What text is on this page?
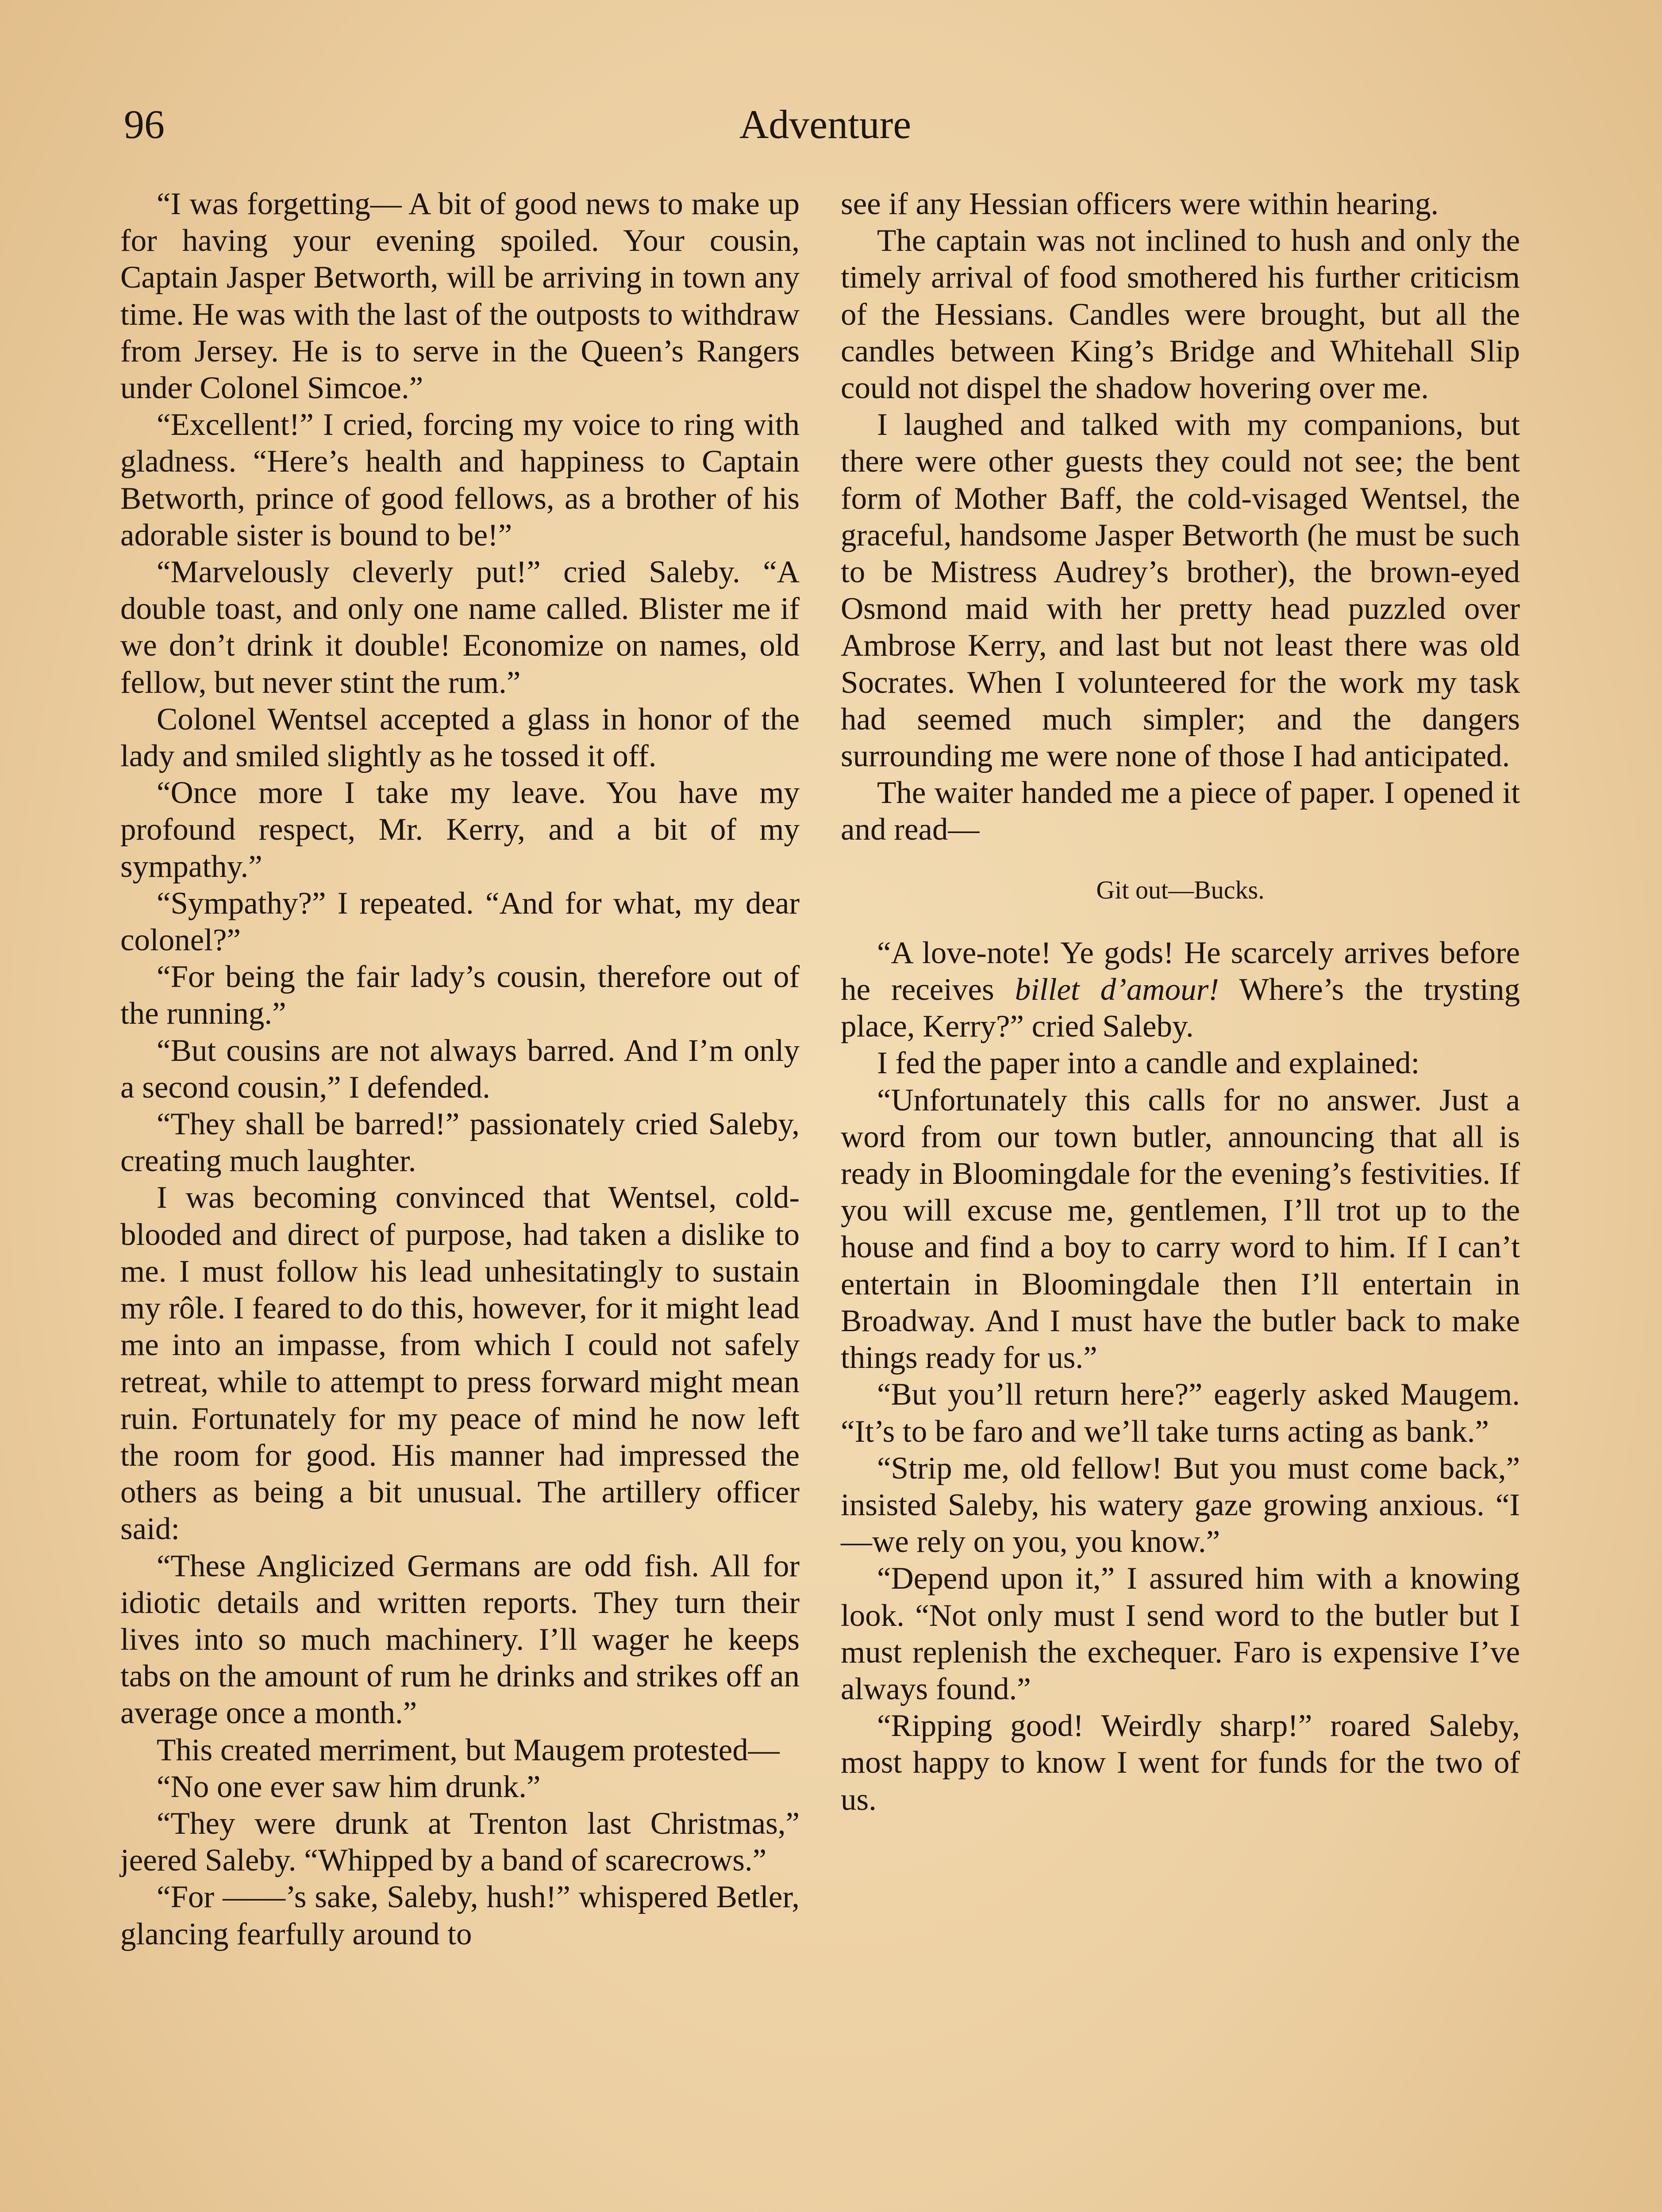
96	Adventure

“I was forgetting— A bit of good news to make up for having your evening spoiled. Your cousin, Captain Jasper Betworth, will be arriving in town any time. He was with the last of the outposts to withdraw from Jersey. He is to serve in the Queen’s Rangers under Colonel Simcoe.”

“Excellent!” I cried, forcing my voice to ring with gladness. “Here’s health and happiness to Captain Betworth, prince of good fellows, as a brother of his adorable sister is bound to be!”

“Marvelously cleverly put!” cried Saleby. “A double toast, and only one name called. Blister me if we don’t drink it double! Economize on names, old fellow, but never stint the rum.”

Colonel Wentsel accepted a glass in honor of the lady and smiled slightly as he tossed it off.

“Once more I take my leave. You have my profound respect, Mr. Kerry, and a bit of my sympathy.”

“Sympathy?” I repeated. “And for what, my dear colonel?”

“For being the fair lady’s cousin, therefore out of the running.”

“But cousins are not always barred. And I’m only a second cousin,” I defended.

“They shall be barred!” passionately cried Saleby, creating much laughter.

I was becoming convinced that Wentsel, cold-blooded and direct of purpose, had taken a dislike to me. I must follow his lead unhesitatingly to sustain my rôle. I feared to do this, however, for it might lead me into an impasse, from which I could not safely retreat, while to attempt to press forward might mean ruin. Fortunately for my peace of mind he now left the room for good. His manner had impressed the others as being a bit unusual. The artillery officer said:

“These Anglicized Germans are odd fish. All for idiotic details and written reports. They turn their lives into so much machinery. I’ll wager he keeps tabs on the amount of rum he drinks and strikes off an average once a month.”

This created merriment, but Maugem protested—

“No one ever saw him drunk.”

“They were drunk at Trenton last Christmas,” jeered Saleby. “Whipped by a band of scarecrows.”

“For ——’s sake, Saleby, hush!” whispered Betler, glancing fearfully around to

see if any Hessian officers were within hearing.

The captain was not inclined to hush and only the timely arrival of food smothered his further criticism of the Hessians. Candles were brought, but all the candles between King’s Bridge and Whitehall Slip could not dispel the shadow hovering over me.

I laughed and talked with my companions, but there were other guests they could not see; the bent form of Mother Baff, the cold-visaged Wentsel, the graceful, handsome Jasper Betworth (he must be such to be Mistress Audrey’s brother), the brown-eyed Osmond maid with her pretty head puzzled over Ambrose Kerry, and last but not least there was old Socrates. When I volunteered for the work my task had seemed much simpler; and the dangers surrounding me were none of those I had anticipated.

The waiter handed me a piece of paper. I opened it and read—

Git out—Bucks.

“A love-note! Ye gods! He scarcely arrives before he receives billet d’amour! Where’s the trysting place, Kerry?” cried Saleby.

I fed the paper into a candle and explained:

“Unfortunately this calls for no answer. Just a word from our town butler, announcing that all is ready in Bloomingdale for the evening’s festivities. If you will excuse me, gentlemen, I’ll trot up to the house and find a boy to carry word to him. If I can’t entertain in Bloomingdale then I’ll entertain in Broadway. And I must have the butler back to make things ready for us.”

“But you’ll return here?” eagerly asked Maugem. “It’s to be faro and we’ll take turns acting as bank.”

“Strip me, old fellow! But you must come back,” insisted Saleby, his watery gaze growing anxious. “I—we rely on you, you know.”

“Depend upon it,” I assured him with a knowing look. “Not only must I send word to the butler but I must replenish the exchequer. Faro is expensive I’ve always found.”

“Ripping good! Weirdly sharp!” roared Saleby, most happy to know I went for funds for the two of us.
